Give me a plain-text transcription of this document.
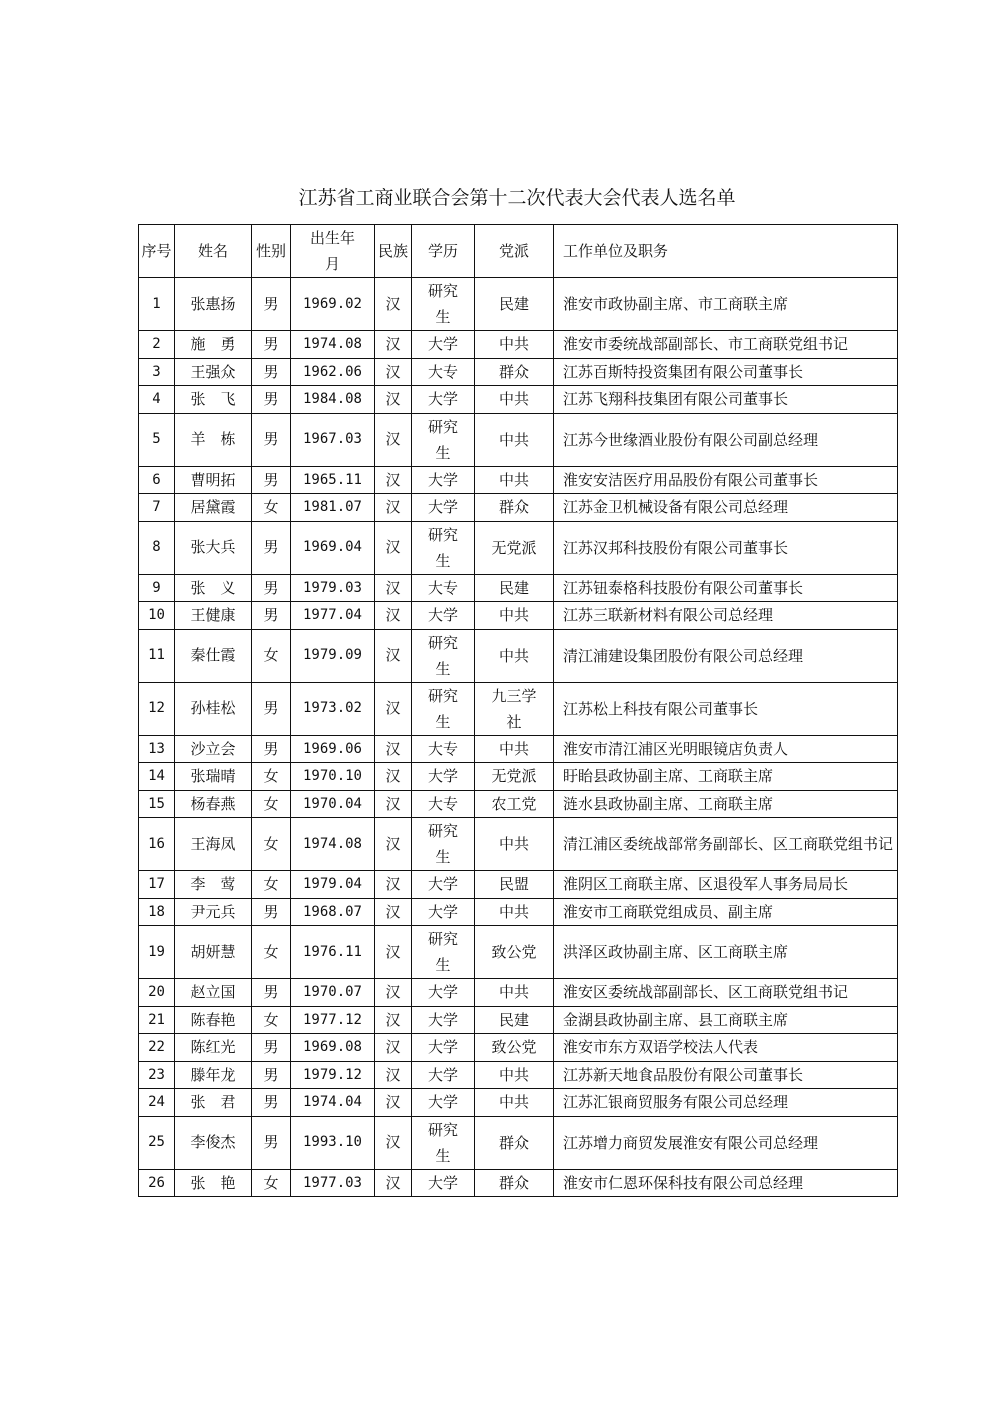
江苏省工商业联合会第十二次代表大会代表人选名单
序号	姓名	性别	出生年月	民族	学历	党派	工作单位及职务
1	张惠扬	男	1969.02	汉	研究生	民建	淮安市政协副主席、市工商联主席

2	施　勇	男	1974.08	汉	大学	中共	淮安市委统战部副部长、市工商联党组书记

3	王强众	男	1962.06	汉	大专	群众	江苏百斯特投资集团有限公司董事长

4	张　飞	男	1984.08	汉	大学	中共	江苏飞翔科技集团有限公司董事长

5	羊　栋	男	1967.03	汉	研究生	中共	江苏今世缘酒业股份有限公司副总经理

6	曹明拓	男	1965.11	汉	大学	中共	淮安安洁医疗用品股份有限公司董事长

7	居黛霞	女	1981.07	汉	大学	群众	江苏金卫机械设备有限公司总经理

8	张大兵	男	1969.04	汉	研究生	无党派	江苏汉邦科技股份有限公司董事长

9	张　义	男	1979.03	汉	大专	民建	江苏钮泰格科技股份有限公司董事长

10	王健康	男	1977.04	汉	大学	中共	江苏三联新材料有限公司总经理

11	秦仕霞	女	1979.09	汉	研究生	中共	清江浦建设集团股份有限公司总经理

12	孙桂松	男	1973.02	汉	研究生	九三学社	江苏松上科技有限公司董事长

13	沙立会	男	1969.06	汉	大专	中共	淮安市清江浦区光明眼镜店负责人

14	张瑞晴	女	1970.10	汉	大学	无党派	盱眙县政协副主席、工商联主席

15	杨春燕	女	1970.04	汉	大专	农工党	涟水县政协副主席、工商联主席

16	王海凤	女	1974.08	汉	研究生	中共	清江浦区委统战部常务副部长、区工商联党组书记

17	李　莺	女	1979.04	汉	大学	民盟	淮阴区工商联主席、区退役军人事务局局长

18	尹元兵	男	1968.07	汉	大学	中共	淮安市工商联党组成员、副主席

19	胡妍慧	女	1976.11	汉	研究生	致公党	洪泽区政协副主席、区工商联主席

20	赵立国	男	1970.07	汉	大学	中共	淮安区委统战部副部长、区工商联党组书记

21	陈春艳	女	1977.12	汉	大学	民建	金湖县政协副主席、县工商联主席

22	陈红光	男	1969.08	汉	大学	致公党	淮安市东方双语学校法人代表

23	滕年龙	男	1979.12	汉	大学	中共	江苏新天地食品股份有限公司董事长

24	张　君	男	1974.04	汉	大学	中共	江苏汇银商贸服务有限公司总经理

25	李俊杰	男	1993.10	汉	研究生	群众	江苏增力商贸发展淮安有限公司总经理

26	张　艳	女	1977.03	汉	大学	群众	淮安市仁恩环保科技有限公司总经理
